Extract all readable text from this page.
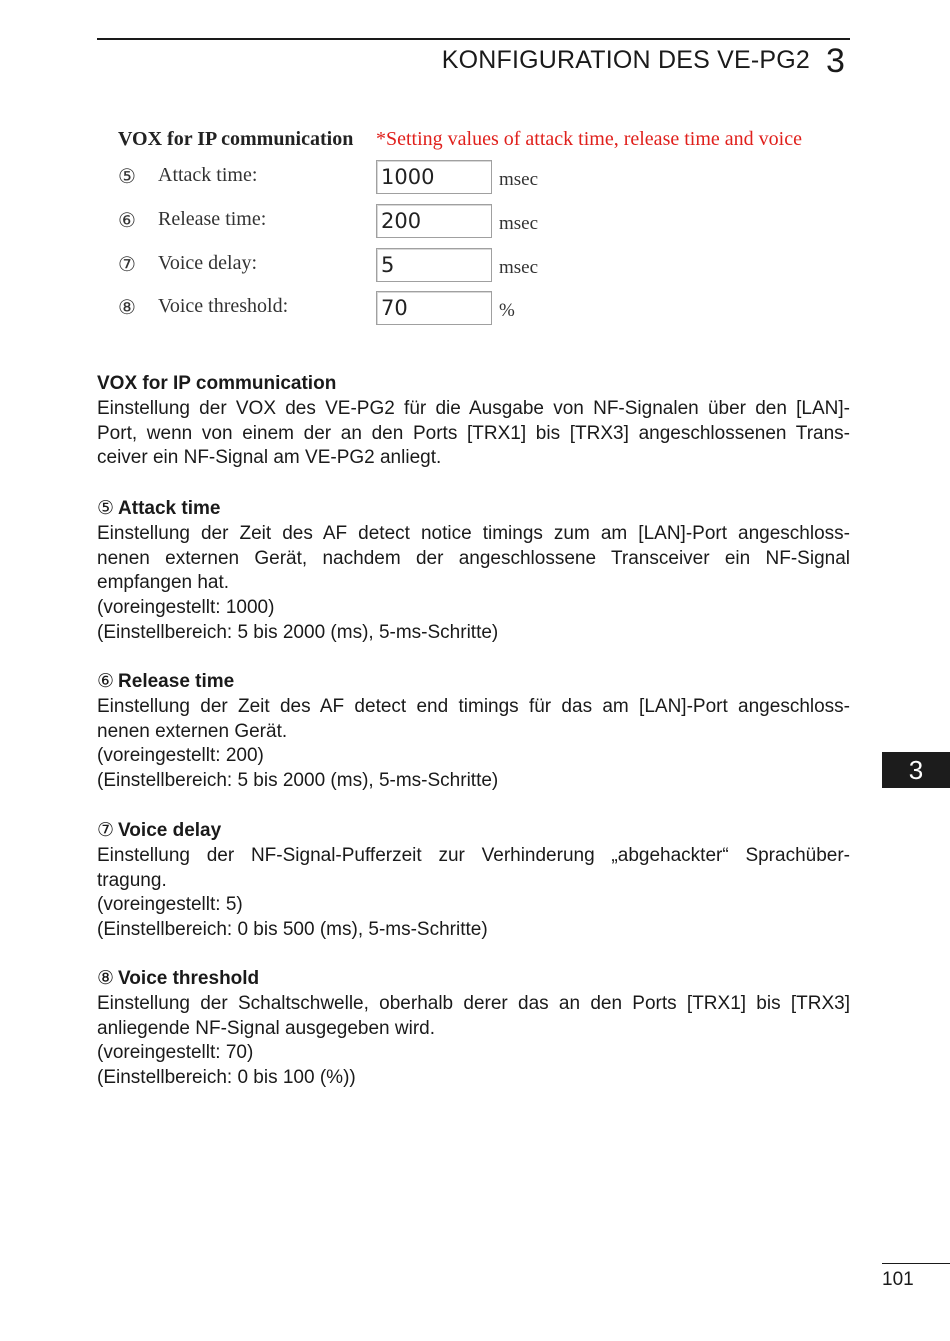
KONFIGURATION DES VE-PG2 3
VOX for IP communication *Setting values of attack time, release time and voice
⑤ Attack time:	1000	msec
⑥ Release time:	200	msec
⑦ Voice delay:	5	msec
⑧ Voice threshold:	70	%
VOX for IP communication
Einstellung der VOX des VE-PG2 für die Ausgabe von NF-Signalen über den [LAN]-
Port, wenn von einem der an den Ports [TRX1] bis [TRX3] angeschlossenen Trans-
ceiver ein NF-Signal am VE-PG2 anliegt.
⑤ Attack time
Einstellung der Zeit des AF detect notice timings zum am [LAN]-Port angeschloss-
nenen externen Gerät, nachdem der angeschlossene Transceiver ein NF-Signal
empfangen hat.
(voreingestellt: 1000)
(Einstellbereich: 5 bis 2000 (ms), 5-ms-Schritte)
⑥ Release time
Einstellung der Zeit des AF detect end timings für das am [LAN]-Port angeschloss-
nenen externen Gerät.
(voreingestellt: 200)
(Einstellbereich: 5 bis 2000 (ms), 5-ms-Schritte)
⑦ Voice delay
Einstellung der NF-Signal-Pufferzeit zur Verhinderung „abgehackter“ Sprachüber-
tragung.
(voreingestellt: 5)
(Einstellbereich: 0 bis 500 (ms), 5-ms-Schritte)
⑧ Voice threshold
Einstellung der Schaltschwelle, oberhalb derer das an den Ports [TRX1] bis [TRX3]
anliegende NF-Signal ausgegeben wird.
(voreingestellt: 70)
(Einstellbereich: 0 bis 100 (%))
3
101
